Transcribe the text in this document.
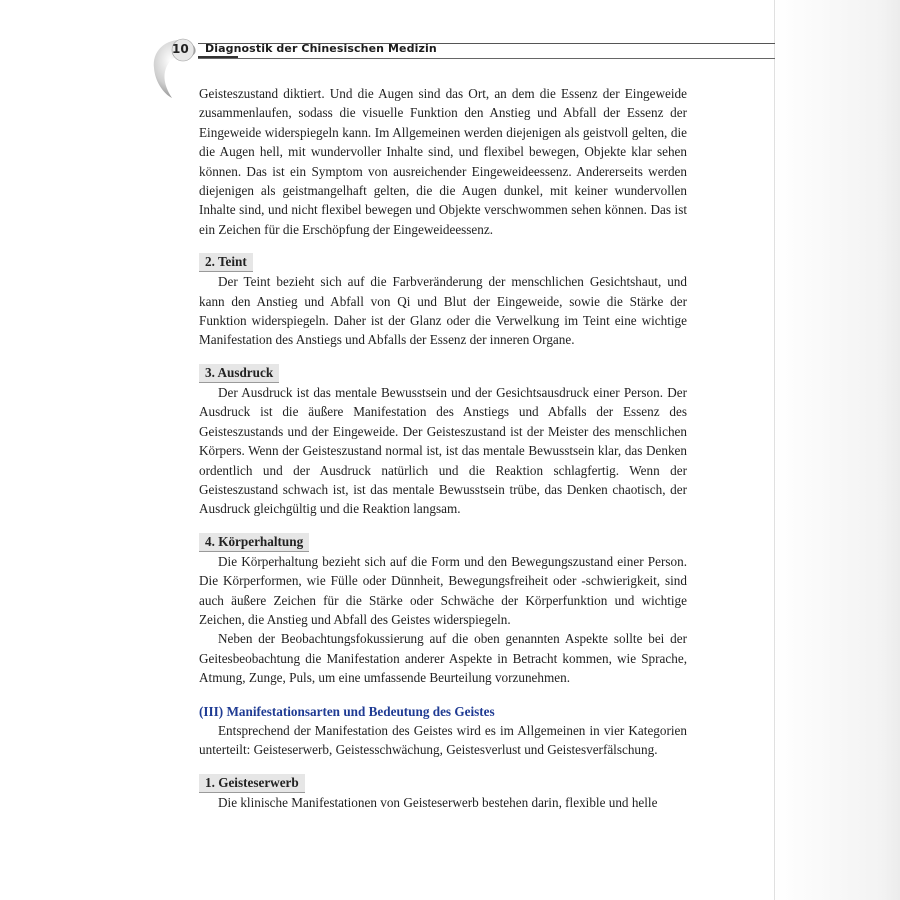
10 Diagnostik der Chinesischen Medizin

Geisteszustand diktiert. Und die Augen sind das Ort, an dem die Essenz der Eingeweide zusammenlaufen, sodass die visuelle Funktion den Anstieg und Abfall der Essenz der Eingeweide widerspiegeln kann. Im Allgemeinen werden diejenigen als geistvoll gelten, die die Augen hell, mit wundervoller Inhalte sind, und flexibel bewegen, Objekte klar sehen können. Das ist ein Symptom von ausreichender Eingeweideessenz. Andererseits werden diejenigen als geistmangelhaft gelten, die die Augen dunkel, mit keiner wundervollen Inhalte sind, und nicht flexibel bewegen und Objekte verschwommen sehen können. Das ist ein Zeichen für die Erschöpfung der Eingeweideessenz.

2. Teint

Der Teint bezieht sich auf die Farbveränderung der menschlichen Gesichtshaut, und kann den Anstieg und Abfall von Qi und Blut der Eingeweide, sowie die Stärke der Funktion widerspiegeln. Daher ist der Glanz oder die Verwelkung im Teint eine wichtige Manifestation des Anstiegs und Abfalls der Essenz der inneren Organe.

3. Ausdruck

Der Ausdruck ist das mentale Bewusstsein und der Gesichtsausdruck einer Person. Der Ausdruck ist die äußere Manifestation des Anstiegs und Abfalls der Essenz des Geisteszustands und der Eingeweide. Der Geisteszustand ist der Meister des menschlichen Körpers. Wenn der Geisteszustand normal ist, ist das mentale Bewusstsein klar, das Denken ordentlich und der Ausdruck natürlich und die Reaktion schlagfertig. Wenn der Geisteszustand schwach ist, ist das mentale Bewusstsein trübe, das Denken chaotisch, der Ausdruck gleichgültig und die Reaktion langsam.

4. Körperhaltung

Die Körperhaltung bezieht sich auf die Form und den Bewegungszustand einer Person. Die Körperformen, wie Fülle oder Dünnheit, Bewegungsfreiheit oder -schwierigkeit, sind auch äußere Zeichen für die Stärke oder Schwäche der Körperfunktion und wichtige Zeichen, die Anstieg und Abfall des Geistes widerspiegeln.

Neben der Beobachtungsfokussierung auf die oben genannten Aspekte sollte bei der Geitesbeobachtung die Manifestation anderer Aspekte in Betracht kommen, wie Sprache, Atmung, Zunge, Puls, um eine umfassende Beurteilung vorzunehmen.

(III) Manifestationsarten und Bedeutung des Geistes

Entsprechend der Manifestation des Geistes wird es im Allgemeinen in vier Kategorien unterteilt: Geisteserwerb, Geistesschwächung, Geistesverlust und Geistesverfälschung.

1. Geisteserwerb

Die klinische Manifestationen von Geisteserwerb bestehen darin, flexible und helle
